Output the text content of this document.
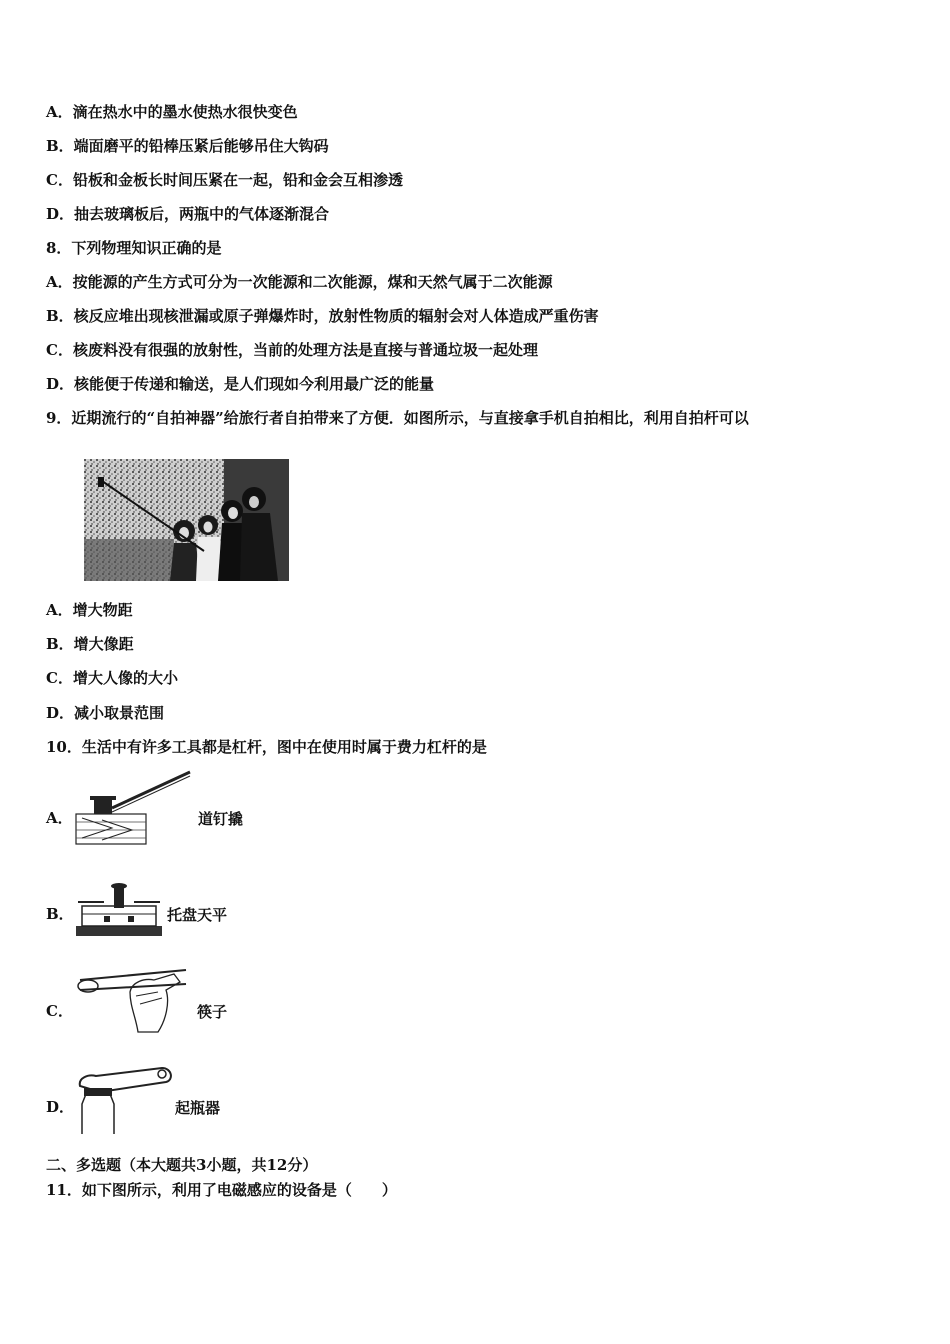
A．滴在热水中的墨水使热水很快变色
B．端面磨平的铅棒压紧后能够吊住大钩码
C．铅板和金板长时间压紧在一起，铅和金会互相渗透
D．抽去玻璃板后，两瓶中的气体逐渐混合
8．下列物理知识正确的是
A．按能源的产生方式可分为一次能源和二次能源，煤和天然气属于二次能源
B．核反应堆出现核泄漏或原子弹爆炸时，放射性物质的辐射会对人体造成严重伤害
C．核废料没有很强的放射性，当前的处理方法是直接与普通垃圾一起处理
D．核能便于传递和输送，是人们现如今利用最广泛的能量
9．近期流行的“自拍神器”给旅行者自拍带来了方便．如图所示，与直接拿手机自拍相比，利用自拍杆可以
A．增大物距
B．增大像距
C．增大人像的大小
D．减小取景范围
10．生活中有许多工具都是杠杆，图中在使用时属于费力杠杆的是
A．	道钉撬
B．	托盘天平
C．	筷子
D．	起瓶器
二、多选题（本大题共3小题，共12分）
11．如下图所示，利用了电磁感应的设备是（　　）
